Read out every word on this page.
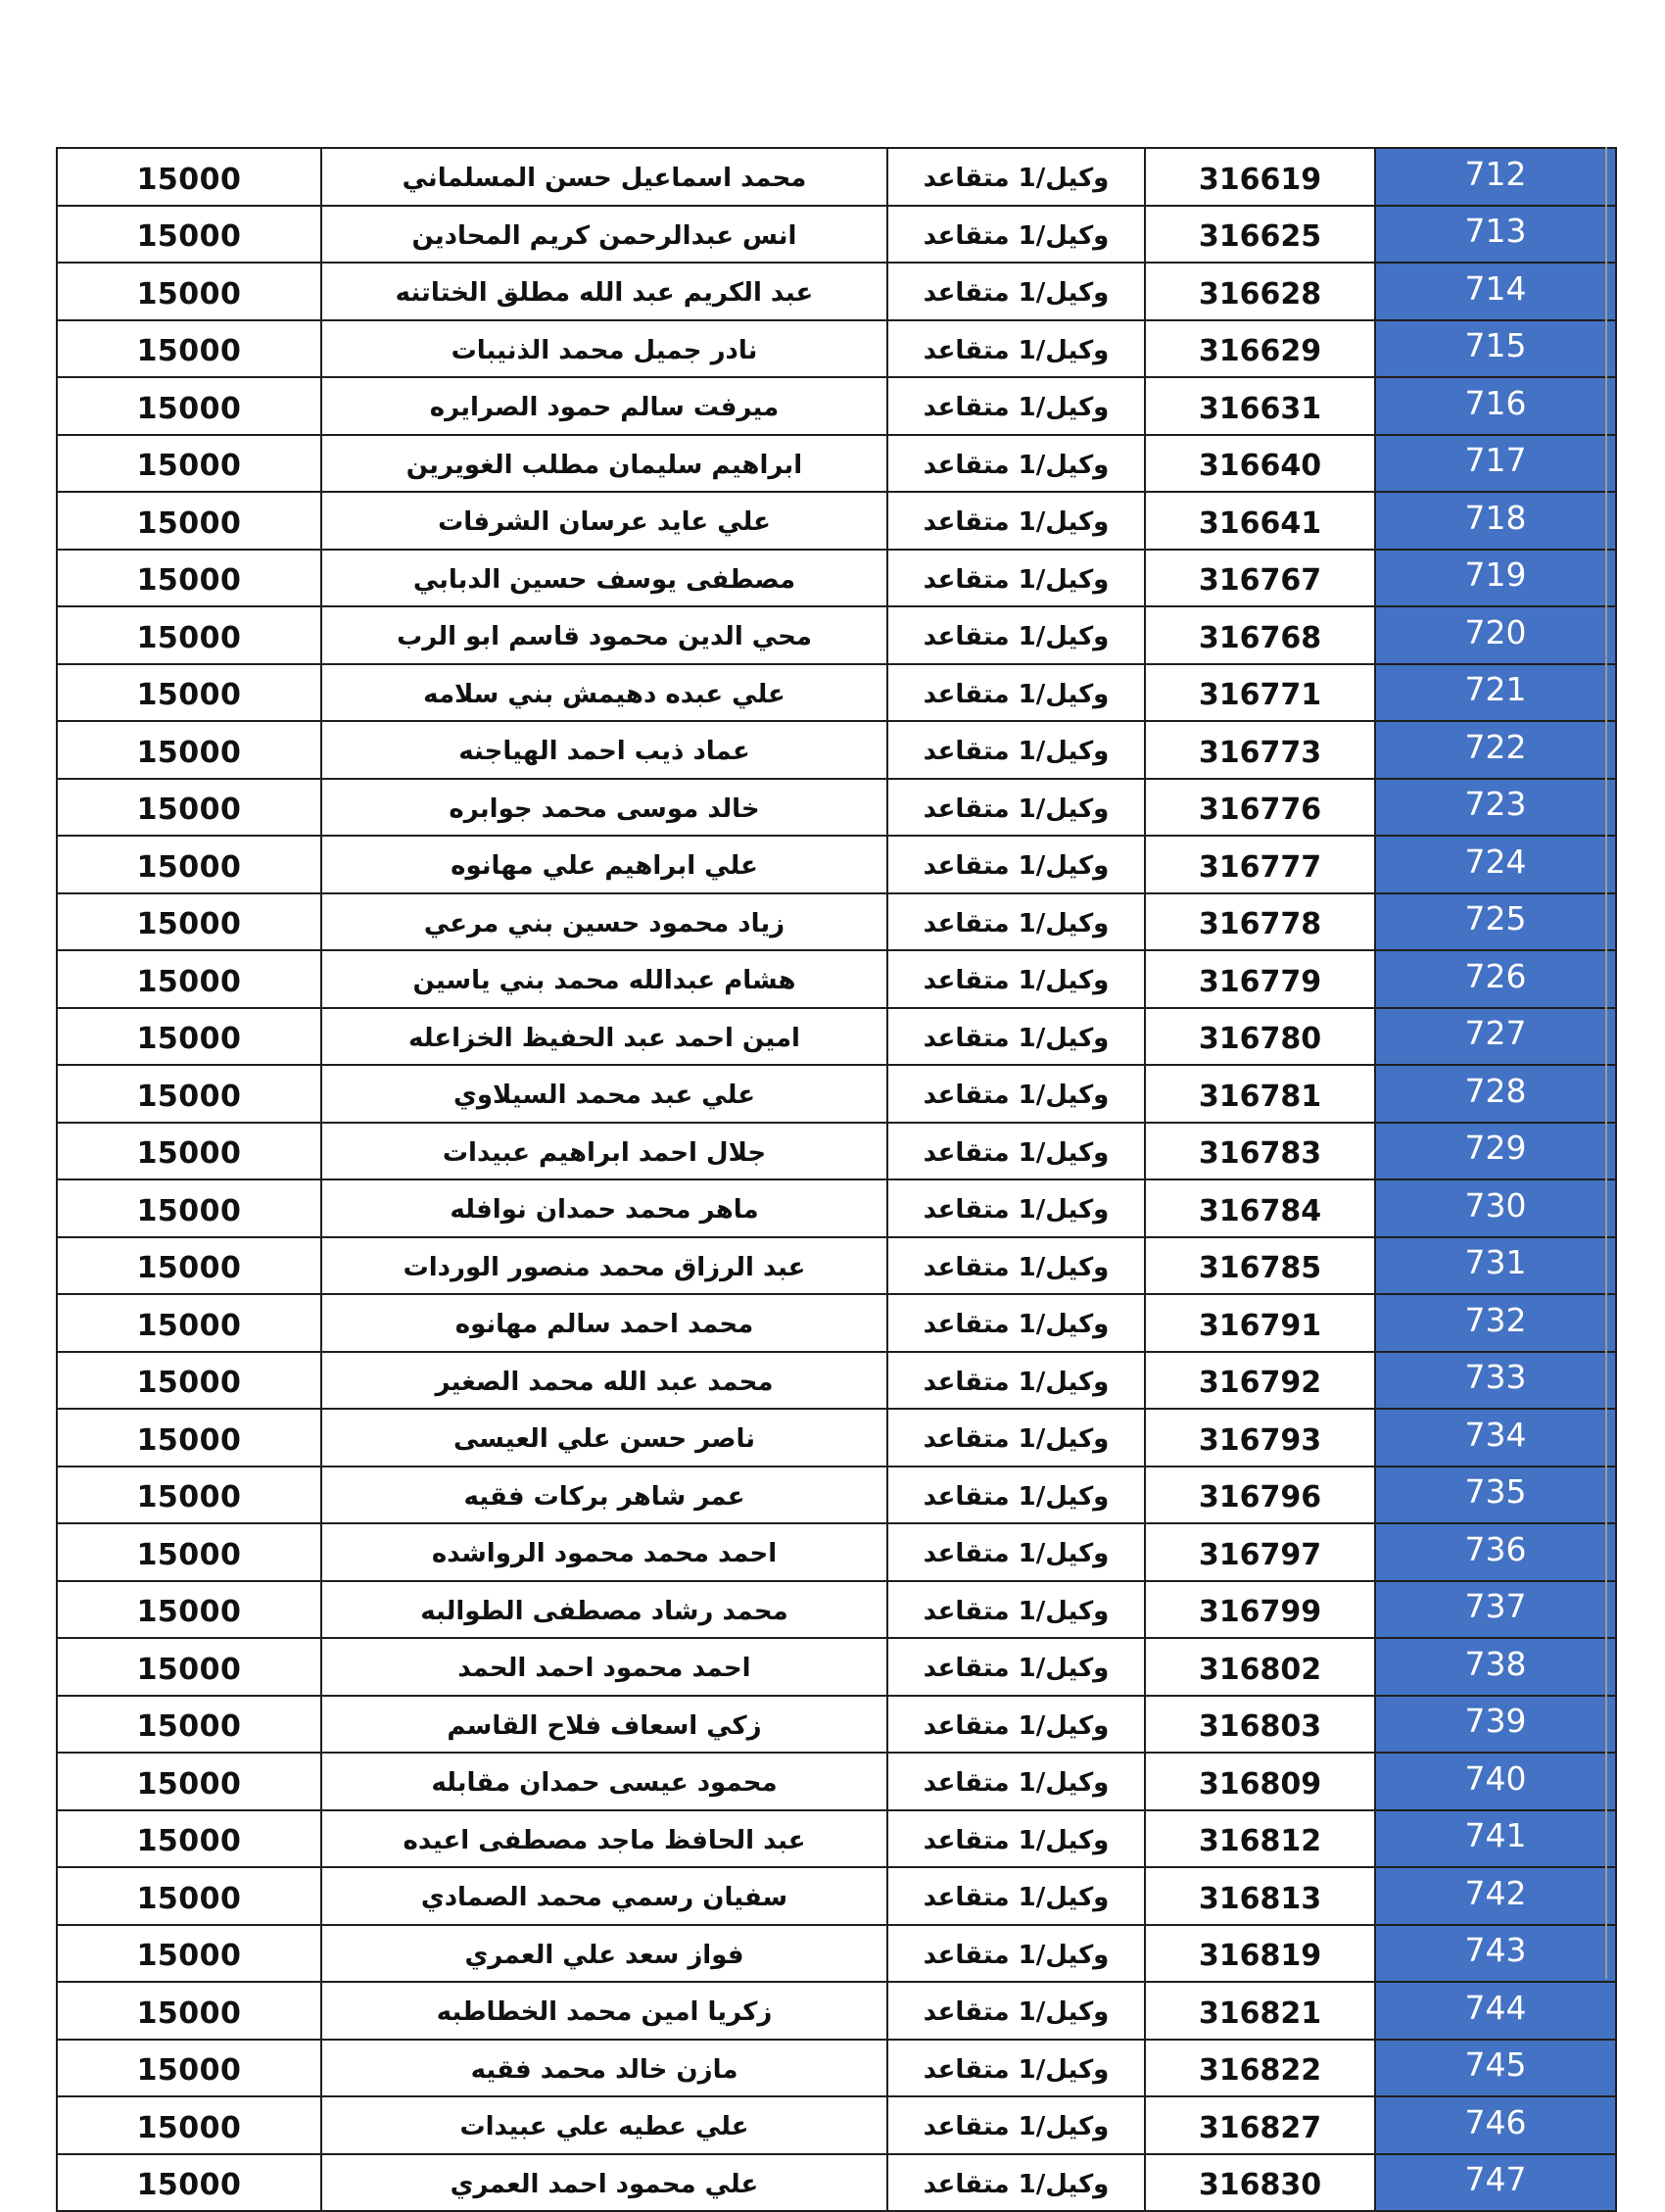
15000	محمد اسماعيل حسن المسلماني	وكيل/1 متقاعد	316619	712
15000	انس عبدالرحمن كريم المحادين	وكيل/1 متقاعد	316625	713
15000	عبد الكريم عبد الله مطلق الختاتنه	وكيل/1 متقاعد	316628	714
15000	نادر جميل محمد الذنيبات	وكيل/1 متقاعد	316629	715
15000	ميرفت سالم حمود الصرايره	وكيل/1 متقاعد	316631	716
15000	ابراهيم سليمان مطلب الغويرين	وكيل/1 متقاعد	316640	717
15000	علي عايد عرسان الشرفات	وكيل/1 متقاعد	316641	718
15000	مصطفى يوسف حسين الدبابي	وكيل/1 متقاعد	316767	719
15000	محي الدين محمود قاسم ابو الرب	وكيل/1 متقاعد	316768	720
15000	علي عبده دهيمش بني سلامه	وكيل/1 متقاعد	316771	721
15000	عماد ذيب احمد الهياجنه	وكيل/1 متقاعد	316773	722
15000	خالد موسى محمد جوابره	وكيل/1 متقاعد	316776	723
15000	علي ابراهيم علي مهانوه	وكيل/1 متقاعد	316777	724
15000	زياد محمود حسين بني مرعي	وكيل/1 متقاعد	316778	725
15000	هشام عبدالله محمد بني ياسين	وكيل/1 متقاعد	316779	726
15000	امين احمد عبد الحفيظ الخزاعله	وكيل/1 متقاعد	316780	727
15000	علي عبد محمد السيلاوي	وكيل/1 متقاعد	316781	728
15000	جلال احمد ابراهيم عبيدات	وكيل/1 متقاعد	316783	729
15000	ماهر محمد حمدان نوافله	وكيل/1 متقاعد	316784	730
15000	عبد الرزاق محمد منصور الوردات	وكيل/1 متقاعد	316785	731
15000	محمد احمد سالم مهانوه	وكيل/1 متقاعد	316791	732
15000	محمد عبد الله محمد الصغير	وكيل/1 متقاعد	316792	733
15000	ناصر حسن علي العيسى	وكيل/1 متقاعد	316793	734
15000	عمر شاهر بركات فقيه	وكيل/1 متقاعد	316796	735
15000	احمد محمد محمود الرواشده	وكيل/1 متقاعد	316797	736
15000	محمد رشاد مصطفى الطوالبه	وكيل/1 متقاعد	316799	737
15000	احمد محمود احمد الحمد	وكيل/1 متقاعد	316802	738
15000	زكي اسعاف فلاح القاسم	وكيل/1 متقاعد	316803	739
15000	محمود عيسى حمدان مقابله	وكيل/1 متقاعد	316809	740
15000	عبد الحافظ ماجد مصطفى اعيده	وكيل/1 متقاعد	316812	741
15000	سفيان رسمي محمد الصمادي	وكيل/1 متقاعد	316813	742
15000	فواز سعد علي العمري	وكيل/1 متقاعد	316819	743
15000	زكريا امين محمد الخطاطبه	وكيل/1 متقاعد	316821	744
15000	مازن خالد محمد فقيه	وكيل/1 متقاعد	316822	745
15000	علي عطيه علي عبيدات	وكيل/1 متقاعد	316827	746
15000	علي محمود احمد العمري	وكيل/1 متقاعد	316830	747
